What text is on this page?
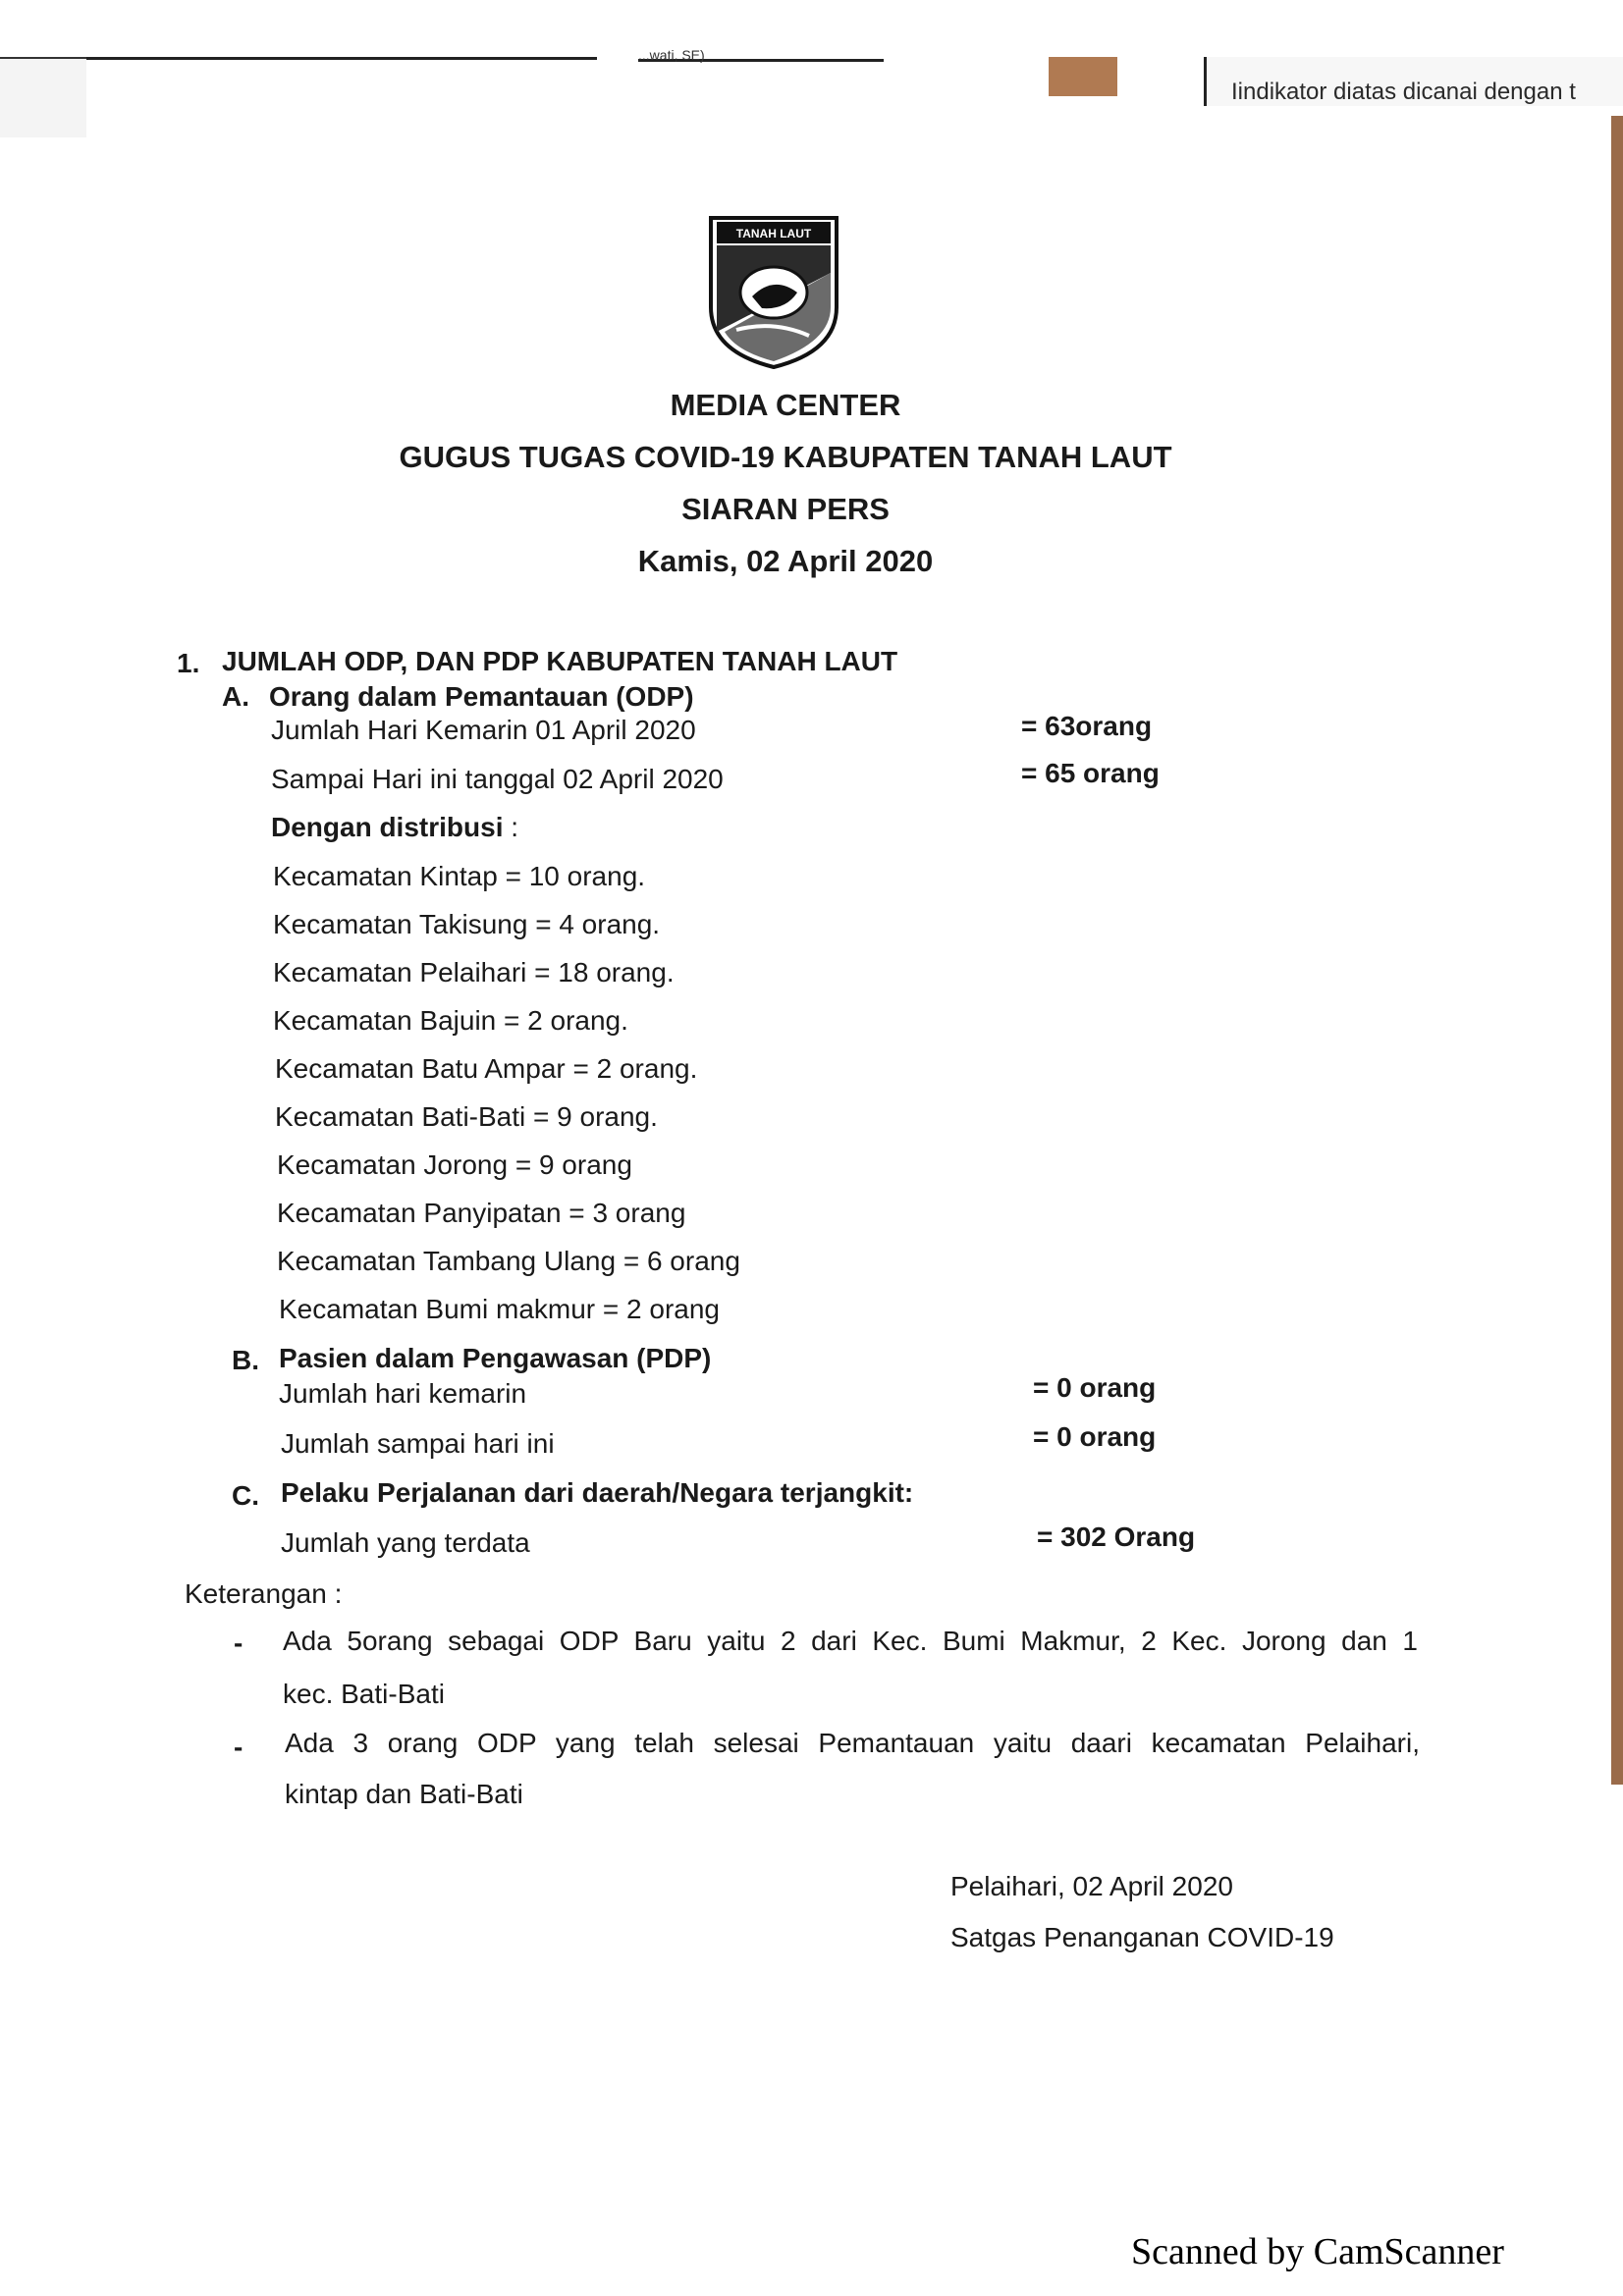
...wati, SE)
Iindikator diatas dicanai dengan t
TANAH LAUT
MEDIA CENTER
GUGUS TUGAS COVID-19 KABUPATEN TANAH LAUT
SIARAN PERS
Kamis, 02 April 2020
1. JUMLAH ODP, DAN PDP KABUPATEN TANAH LAUT
A. Orang dalam Pemantauan (ODP)
Jumlah Hari Kemarin 01 April 2020	= 63orang
Sampai Hari ini tanggal 02 April 2020	= 65 orang
Dengan distribusi :
Kecamatan Kintap = 10 orang.
Kecamatan Takisung = 4 orang.
Kecamatan Pelaihari = 18 orang.
Kecamatan Bajuin = 2 orang.
Kecamatan Batu Ampar = 2 orang.
Kecamatan Bati-Bati = 9 orang.
Kecamatan Jorong = 9 orang
Kecamatan Panyipatan = 3 orang
Kecamatan Tambang Ulang = 6 orang
Kecamatan Bumi makmur = 2 orang
B. Pasien dalam Pengawasan (PDP)
Jumlah hari kemarin	= 0 orang
Jumlah sampai hari ini	= 0 orang
C. Pelaku Perjalanan dari daerah/Negara terjangkit:
Jumlah yang terdata	= 302 Orang
Keterangan :
- Ada 5orang sebagai ODP Baru yaitu 2 dari Kec. Bumi Makmur, 2 Kec. Jorong dan 1
kec. Bati-Bati
- Ada 3 orang ODP yang telah selesai Pemantauan yaitu daari kecamatan Pelaihari,
kintap dan Bati-Bati
Pelaihari, 02 April 2020
Satgas Penanganan COVID-19
Scanned by CamScanner
